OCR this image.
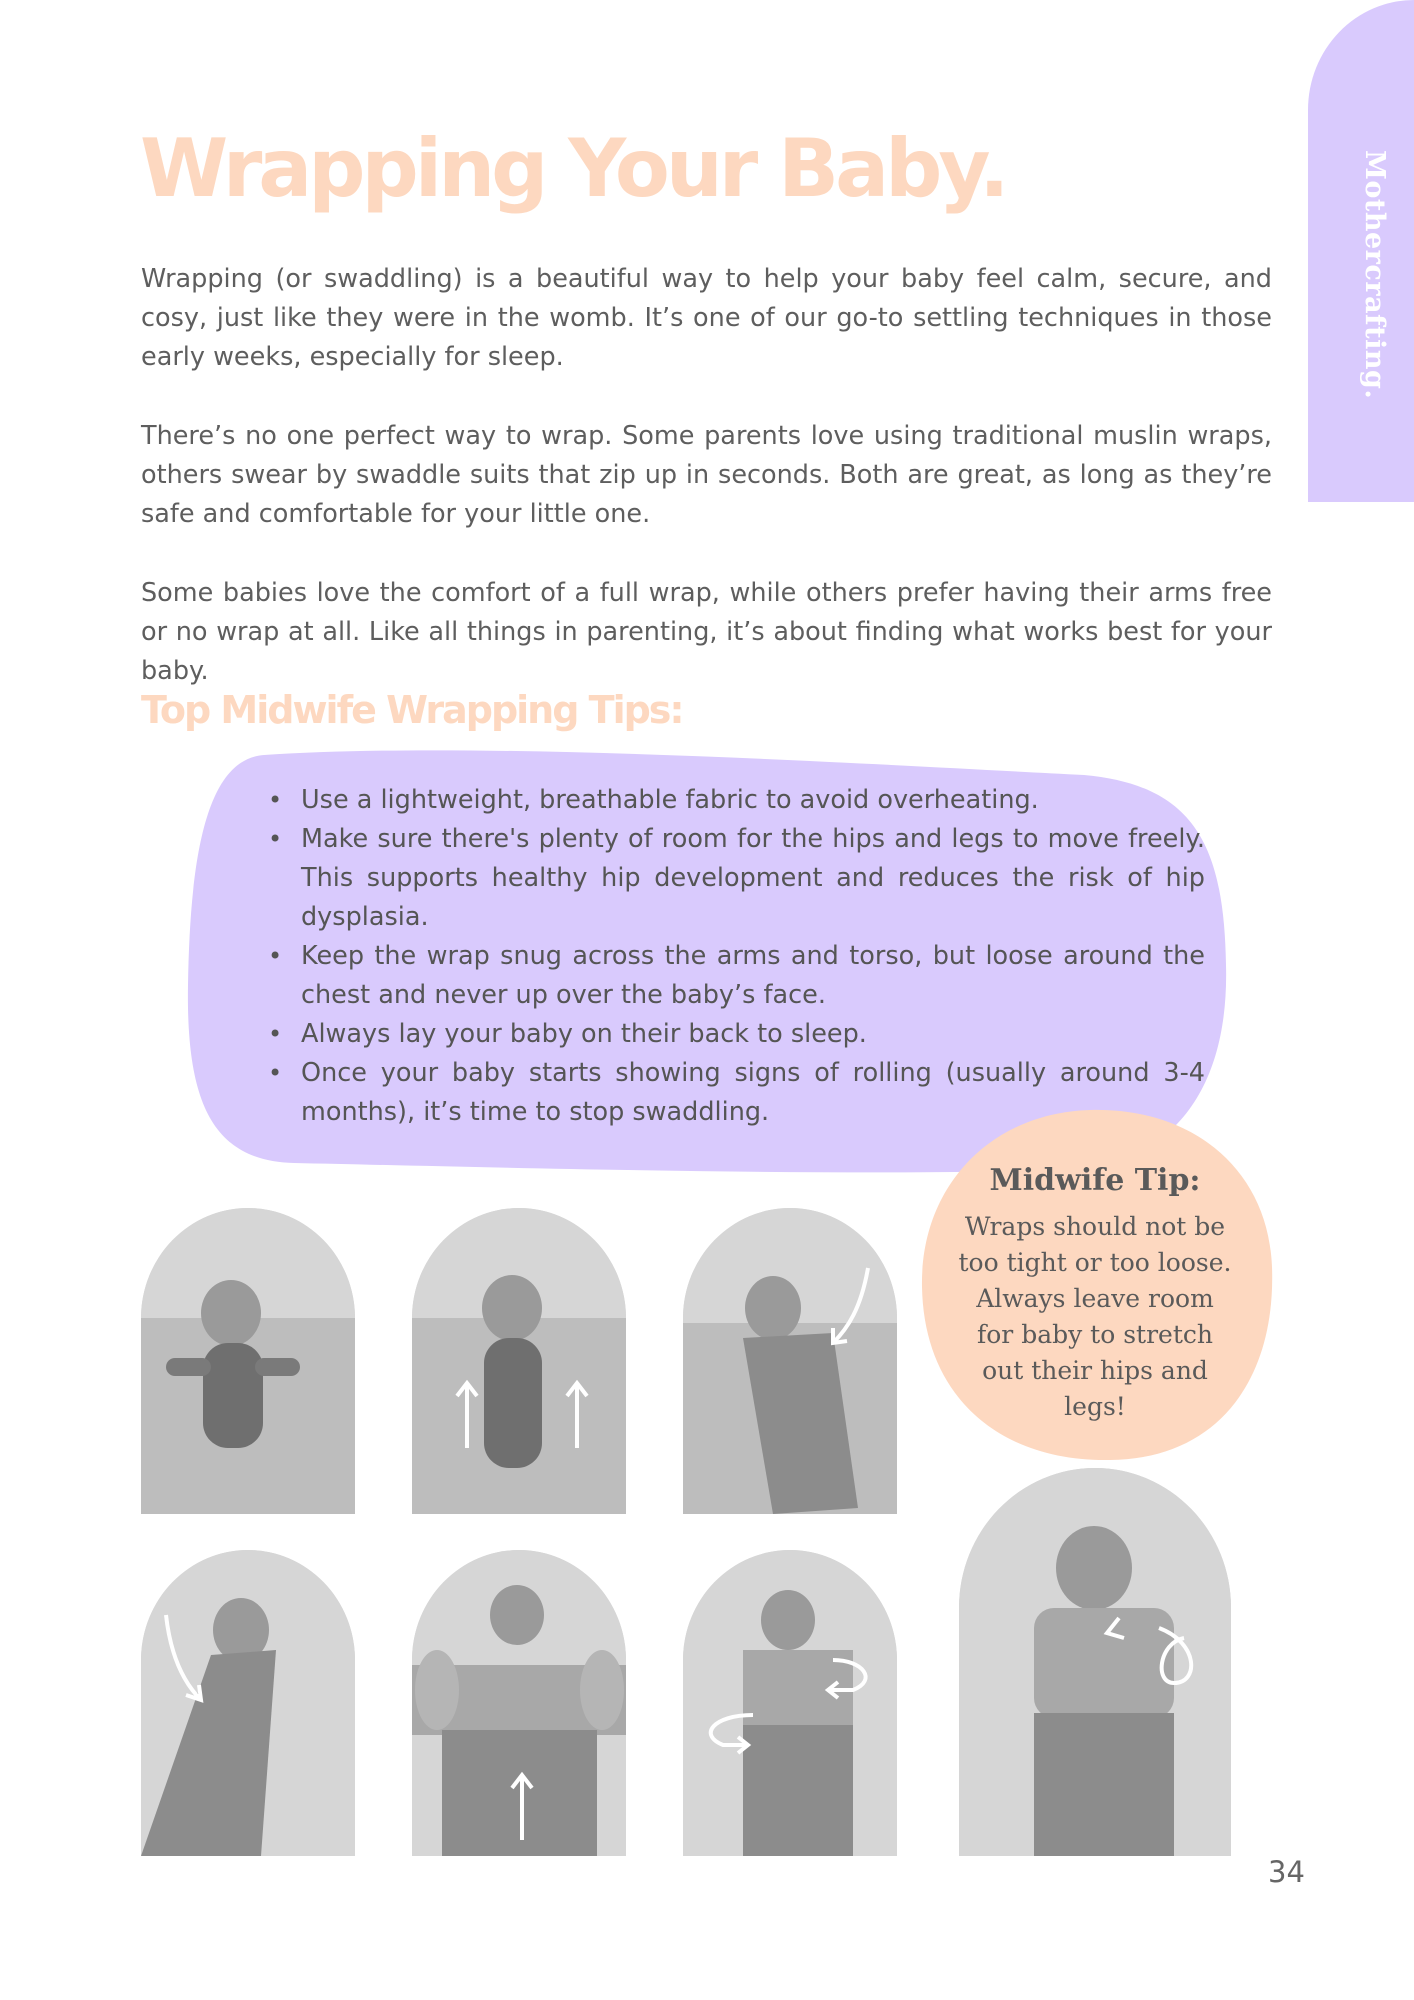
Mothercrafting.
Wrapping Your Baby.

Wrapping (or swaddling) is a beautiful way to help your baby feel calm, secure, and cosy, just like they were in the womb. It’s one of our go-to settling techniques in those early weeks, especially for sleep.

There’s no one perfect way to wrap. Some parents love using traditional muslin wraps, others swear by swaddle suits that zip up in seconds. Both are great, as long as they’re safe and comfortable for your little one.

Some babies love the comfort of a full wrap, while others prefer having their arms free or no wrap at all. Like all things in parenting, it’s about finding what works best for your baby.

Top Midwife Wrapping Tips:
• Use a lightweight, breathable fabric to avoid overheating.
• Make sure there's plenty of room for the hips and legs to move freely. This supports healthy hip development and reduces the risk of hip dysplasia.
• Keep the wrap snug across the arms and torso, but loose around the chest and never up over the baby’s face.
• Always lay your baby on their back to sleep.
• Once your baby starts showing signs of rolling (usually around 3-4 months), it’s time to stop swaddling.
Midwife Tip:

Wraps should not be too tight or too loose. Always leave room for baby to stretch out their hips and legs!

34
